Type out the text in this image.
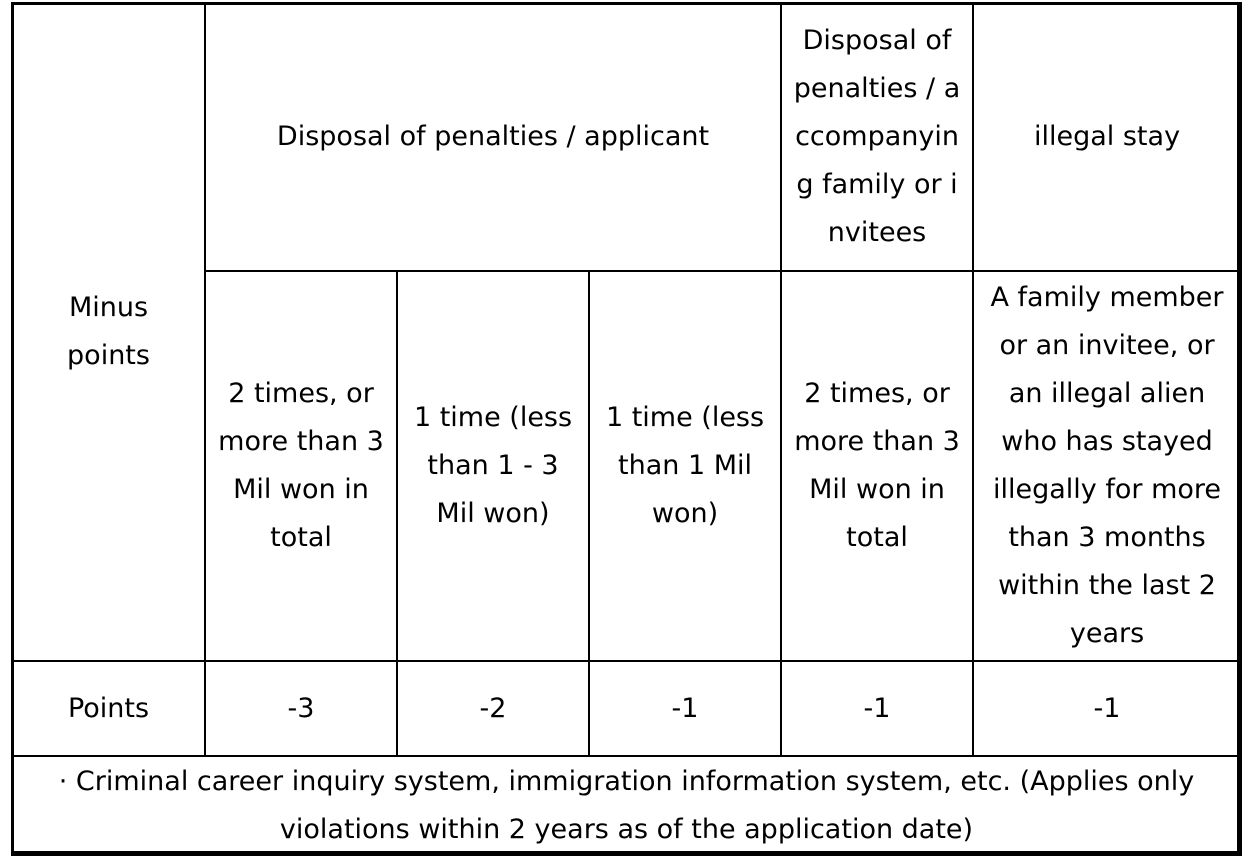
Minus points	Disposal of penalties / applicant			Disposal of penalties / accompanying family or invitees	illegal stay
	2 times, or more than 3 Mil won in total	1 time (less than 1 - 3 Mil won)	1 time (less than 1 Mil won)	2 times, or more than 3 Mil won in total	A family member or an invitee, or an illegal alien who has stayed illegally for more than 3 months within the last 2 years
Points	-3	-2	-1	-1	-1
· Criminal career inquiry system, immigration information system, etc. (Applies only violations within 2 years as of the application date)					
